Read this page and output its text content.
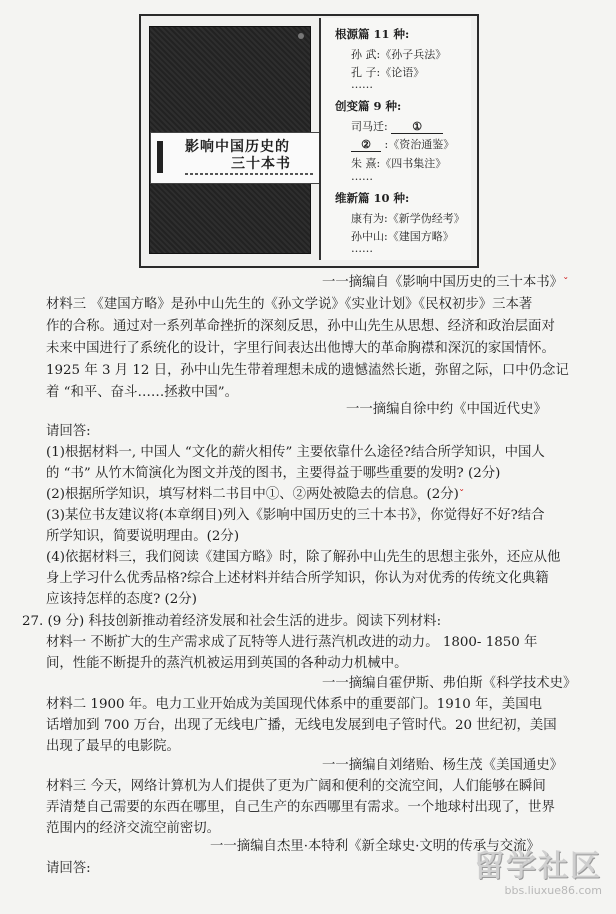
影响中国历史的
三十本书
根源篇 11 种:
孙 武:《孙子兵法》
孔 子:《论语》
……
创变篇 9 种:
司马迁: ①
② :《资治通鉴》
朱 熹:《四书集注》
……
维新篇 10 种:
康有为:《新学伪经考》
孙中山:《建国方略》
……
一一摘编自《影响中国历史的三十本书》ˇ
材料三 《建国方略》是孙中山先生的《孙文学说》《实业计划》《民权初步》三本著
作的合称。通过对一系列革命挫折的深刻反思，孙中山先生从思想、经济和政治层面对
未来中国进行了系统化的设计，字里行间表达出他博大的革命胸襟和深沉的家国情怀。
1925 年 3 月 12 日，孙中山先生带着理想未成的遗憾溘然长逝，弥留之际，口中仍念记
着 “和平、奋斗……拯救中国”。
一一摘编自徐中约《中国近代史》
请回答:
(1)根据材料一, 中国人 “文化的薪火相传” 主要依靠什么途径?结合所学知识，中国人
的 “书” 从竹木简演化为图文并茂的图书，主要得益于哪些重要的发明? (2分)
(2)根据所学知识，填写材料二书目中①、②两处被隐去的信息。(2分)ˇ
(3)某位书友建议将(本章纲目)列入《影响中国历史的三十本书》，你觉得好不好?结合
所学知识，简要说明理由。(2分)
(4)依据材料三，我们阅读《建国方略》时，除了解孙中山先生的思想主张外，还应从他
身上学习什么优秀品格?综合上述材料并结合所学知识，你认为对优秀的传统文化典籍
应该持怎样的态度? (2分)
27. (9 分) 科技创新推动着经济发展和社会生活的进步。阅读下列材料:
材料一 不断扩大的生产需求成了瓦特等人进行蒸汽机改进的动力。 1800- 1850 年
间，性能不断提升的蒸汽机被运用到英国的各种动力机械中。
一一摘编自霍伊斯、弗伯斯《科学技术史》
材料二 1900 年。电力工业开始成为美国现代体系中的重要部门。1910 年，美国电
话增加到 700 万台，出现了无线电广播，无线电发展到电子管时代。20 世纪初，美国
出现了最早的电影院。
一一摘编自刘绪贻、杨生茂《美国通史》
材料三 今天，网络计算机为人们提供了更为广阔和便利的交流空间，人们能够在瞬间
弄清楚自己需要的东西在哪里，自己生产的东西哪里有需求。一个地球村出现了，世界
范围内的经济交流空前密切。
一一摘编自杰里·本特利《新全球史·文明的传承与交流》
请回答:	留学社区
bbs.liuxue86.com
